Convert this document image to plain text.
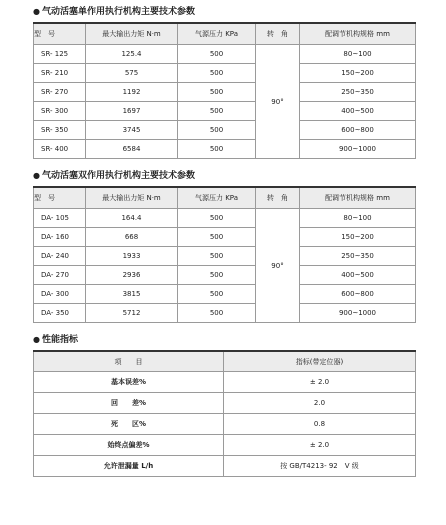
● 气动活塞单作用执行机构主要技术参数
型　号	最大输出力矩 N·m	气源压力 KPa	转　角	配调节机构规格 mm
SR- 125	125.4	500	90°	80~100
SR- 210	575	500		150~200
SR- 270	1192	500		250~350
SR- 300	1697	500		400~500
SR- 350	3745	500		600~800
SR- 400	6584	500		900~1000
● 气动活塞双作用执行机构主要技术参数
型　号	最大输出力矩 N·m	气源压力 KPa	转　角	配调节机构规格 mm
DA- 105	164.4	500	90°	80~100
DA- 160	668	500		150~200
DA- 240	1933	500		250~350
DA- 270	2936	500		400~500
DA- 300	3815	500		600~800
DA- 350	5712	500		900~1000
● 性能指标
项　　目	指标(带定位器)
基本误差%	± 2.0
回　　差%	2.0
死　　区%	0.8
始终点偏差%	± 2.0
允许泄漏量 L/h	按 GB/T4213- 92　V 级
